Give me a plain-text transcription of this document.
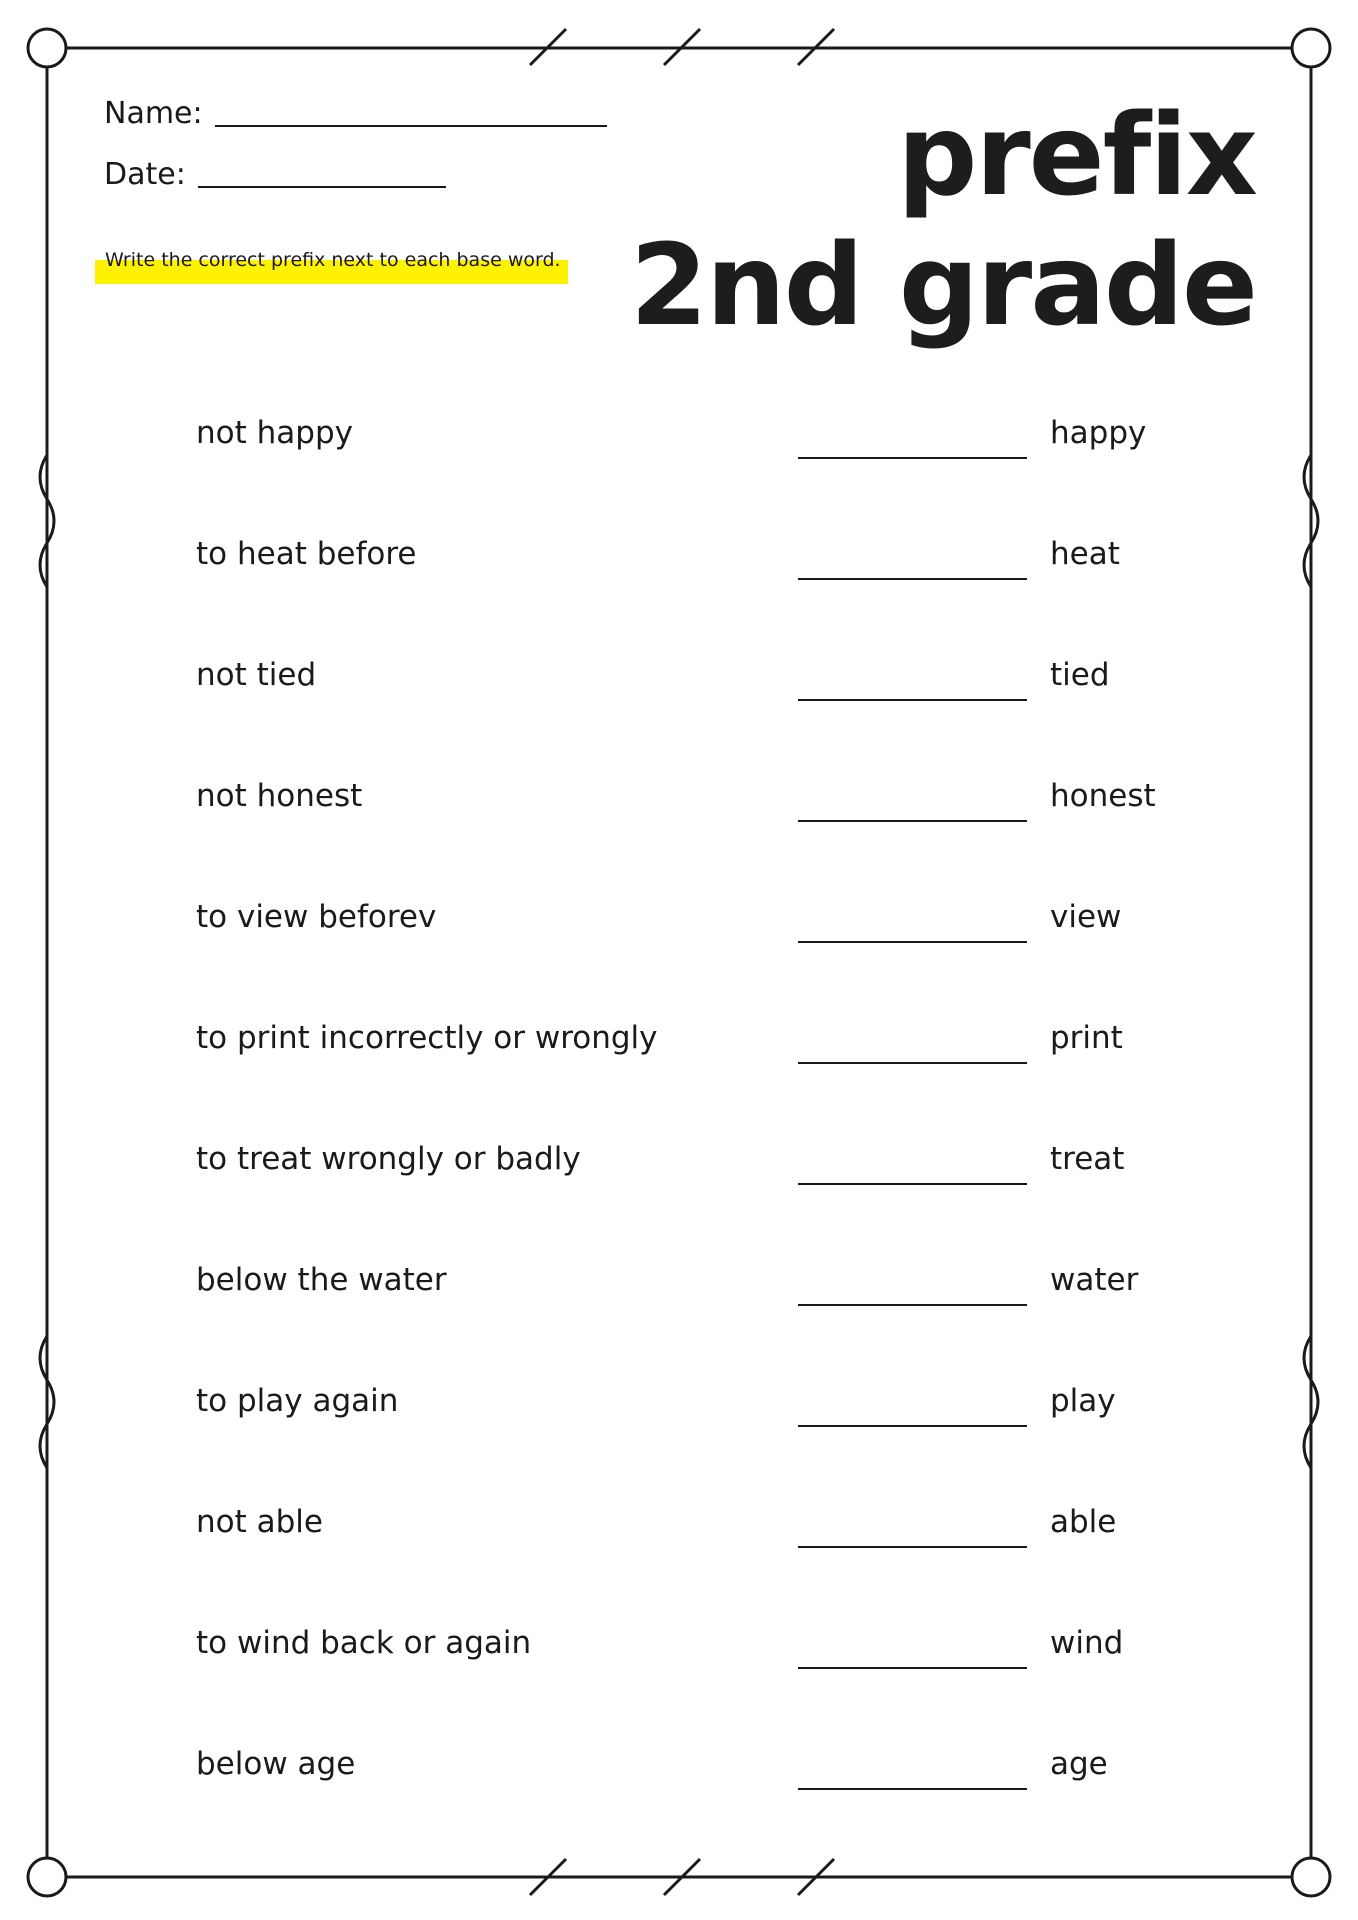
Name:
Date:
Write the correct prefix next to each base word.
prefix
2nd grade
not happy	happy
to heat before	heat
not tied	tied
not honest	honest
to view beforev	view
to print incorrectly or wrongly	print
to treat wrongly or badly	treat
below the water	water
to play again	play
not able	able
to wind back or again	wind
below age	age
